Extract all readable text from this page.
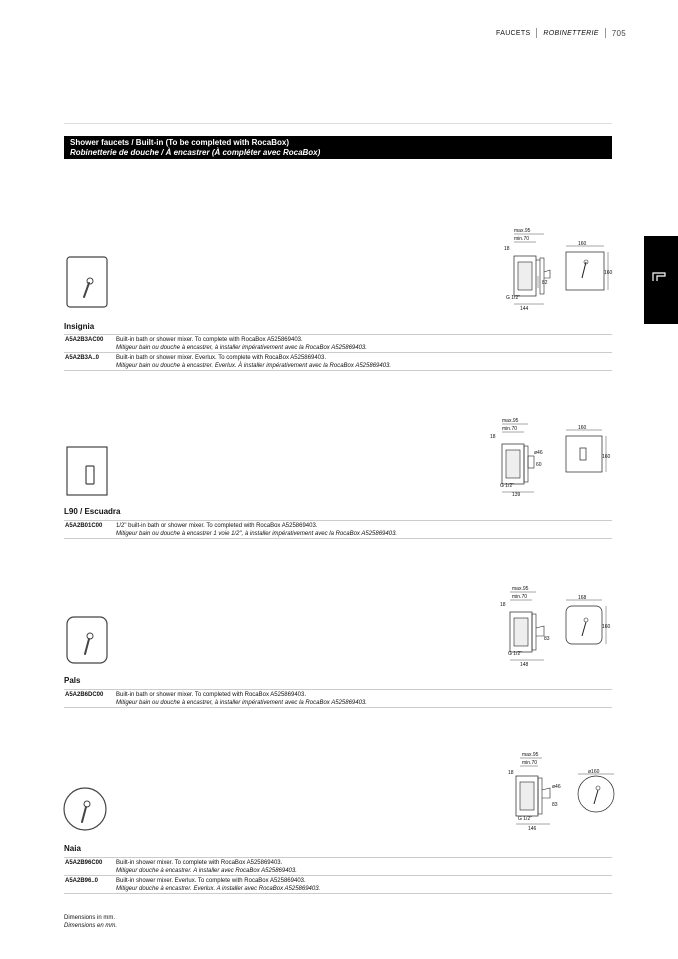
FAUCETS	ROBINETTERIE	705
Shower faucets / Built-in (To be completed with RocaBox)
Robinetterie de douche / À encastrer (À compléter avec RocaBox)
max.95
min.70
18
82
G 1/2"
144
160
160
Insignia
A5A2B3AC00 Built-in bath or shower mixer. To complete with RocaBox A525869403.
Mitigeur bain ou douche à encastrer, à installer impérativement avec la RocaBox A525869403.
A5A2B3A..0	Built-in bath or shower mixer. Everlux. To complete with RocaBox A525869403.
Mitigeur bain ou douche à encastrer. Everlux. À installer impérativement avec la RocaBox A525869403.
max.95
min.70
18
ø46
60
G 1/2"
139
160
160
L90 / Escuadra
A5A2B01C00 1/2" built-in bath or shower mixer. To completed with RocaBox A525869403.
Mitigeur bain ou douche à encastrer 1 voie 1/2", à installer impérativement avec la RocaBox A525869403.
max.95
min.70
18
83
G 1/2"
148
168
160
Pals
A5A2B6DC00 Built-in bath or shower mixer. To completed with RocaBox A525869403.
Mitigeur bain ou douche à encastrer, à installer impérativement avec la RocaBox A525869403.
max.95
min.70
18
ø46
83
G 1/2"
146
ø160
Naia
A5A2B96C00 Built-in shower mixer. To complete with RocaBox A525869403.
Mitigeur douche à encastrer. A installer avec RocaBox A525869403.
A5A2B96..0	Built-in shower mixer. Everlux. To complete with RocaBox A525869403.
Mitigeur douche à encastrer. Everlux. A installer avec RocaBox A525869403.
Dimensions in mm.
Dimensions en mm.
